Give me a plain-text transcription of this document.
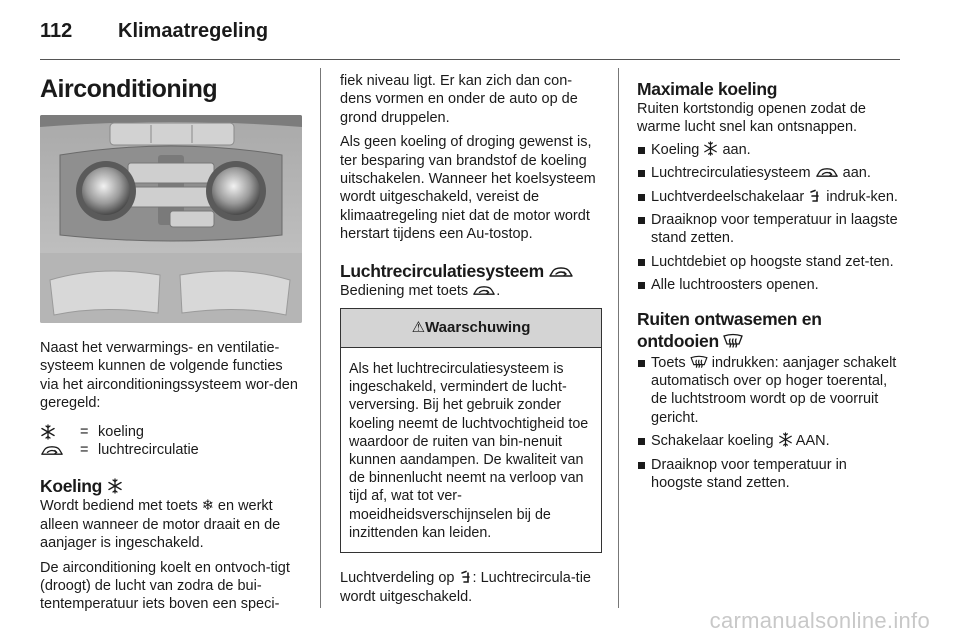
112 Klimaatregeling
Airconditioning

Naast het verwarmings- en ventilatie-systeem kunnen de volgende functies via het airconditioningssysteem wor-den geregeld:

= koeling
= luchtrecirculatie
Koeling

Wordt bediend met toets ❄ en werkt alleen wanneer de motor draait en de aanjager is ingeschakeld.

De airconditioning koelt en ontvoch-tigt (droogt) de lucht van zodra de bui-tentemperatuur iets boven een speci-

fiek niveau ligt. Er kan zich dan con-dens vormen en onder de auto op de grond druppelen.

Als geen koeling of droging gewenst is, ter besparing van brandstof de koeling uitschakelen. Wanneer het koelsysteem wordt uitgeschakeld, vereist de klimaatregeling niet dat de motor wordt herstart tijdens een Au-tostop.

Luchtrecirculatiesysteem

Bediening met toets .

⚠Waarschuwing
Als het luchtrecirculatiesysteem is ingeschakeld, vermindert de lucht-verversing. Bij het gebruik zonder koeling neemt de luchtvochtigheid toe waardoor de ruiten van bin-nenuit kunnen aandampen. De kwaliteit van de binnenlucht neemt na verloop van tijd af, wat tot ver-moeidheidsverschijnselen bij de inzittenden kan leiden.

Luchtverdeling op : Luchtrecircula-tie wordt uitgeschakeld.

Maximale koeling

Ruiten kortstondig openen zodat de warme lucht snel kan ontsnappen.

Koeling aan.
Luchtrecirculatiesysteem aan.
Luchtverdeelschakelaar indruk-ken.
Draaiknop voor temperatuur in laagste stand zetten.
Luchtdebiet op hoogste stand zet-ten.
Alle luchtroosters openen.
Ruiten ontwasemen en
ontdooien
Toets indrukken: aanjager schakelt automatisch over op hoger toerental, de luchtstroom wordt op de voorruit gericht.
Schakelaar koeling AAN.
Draaiknop voor temperatuur in hoogste stand zetten.
carmanualsonline.info
